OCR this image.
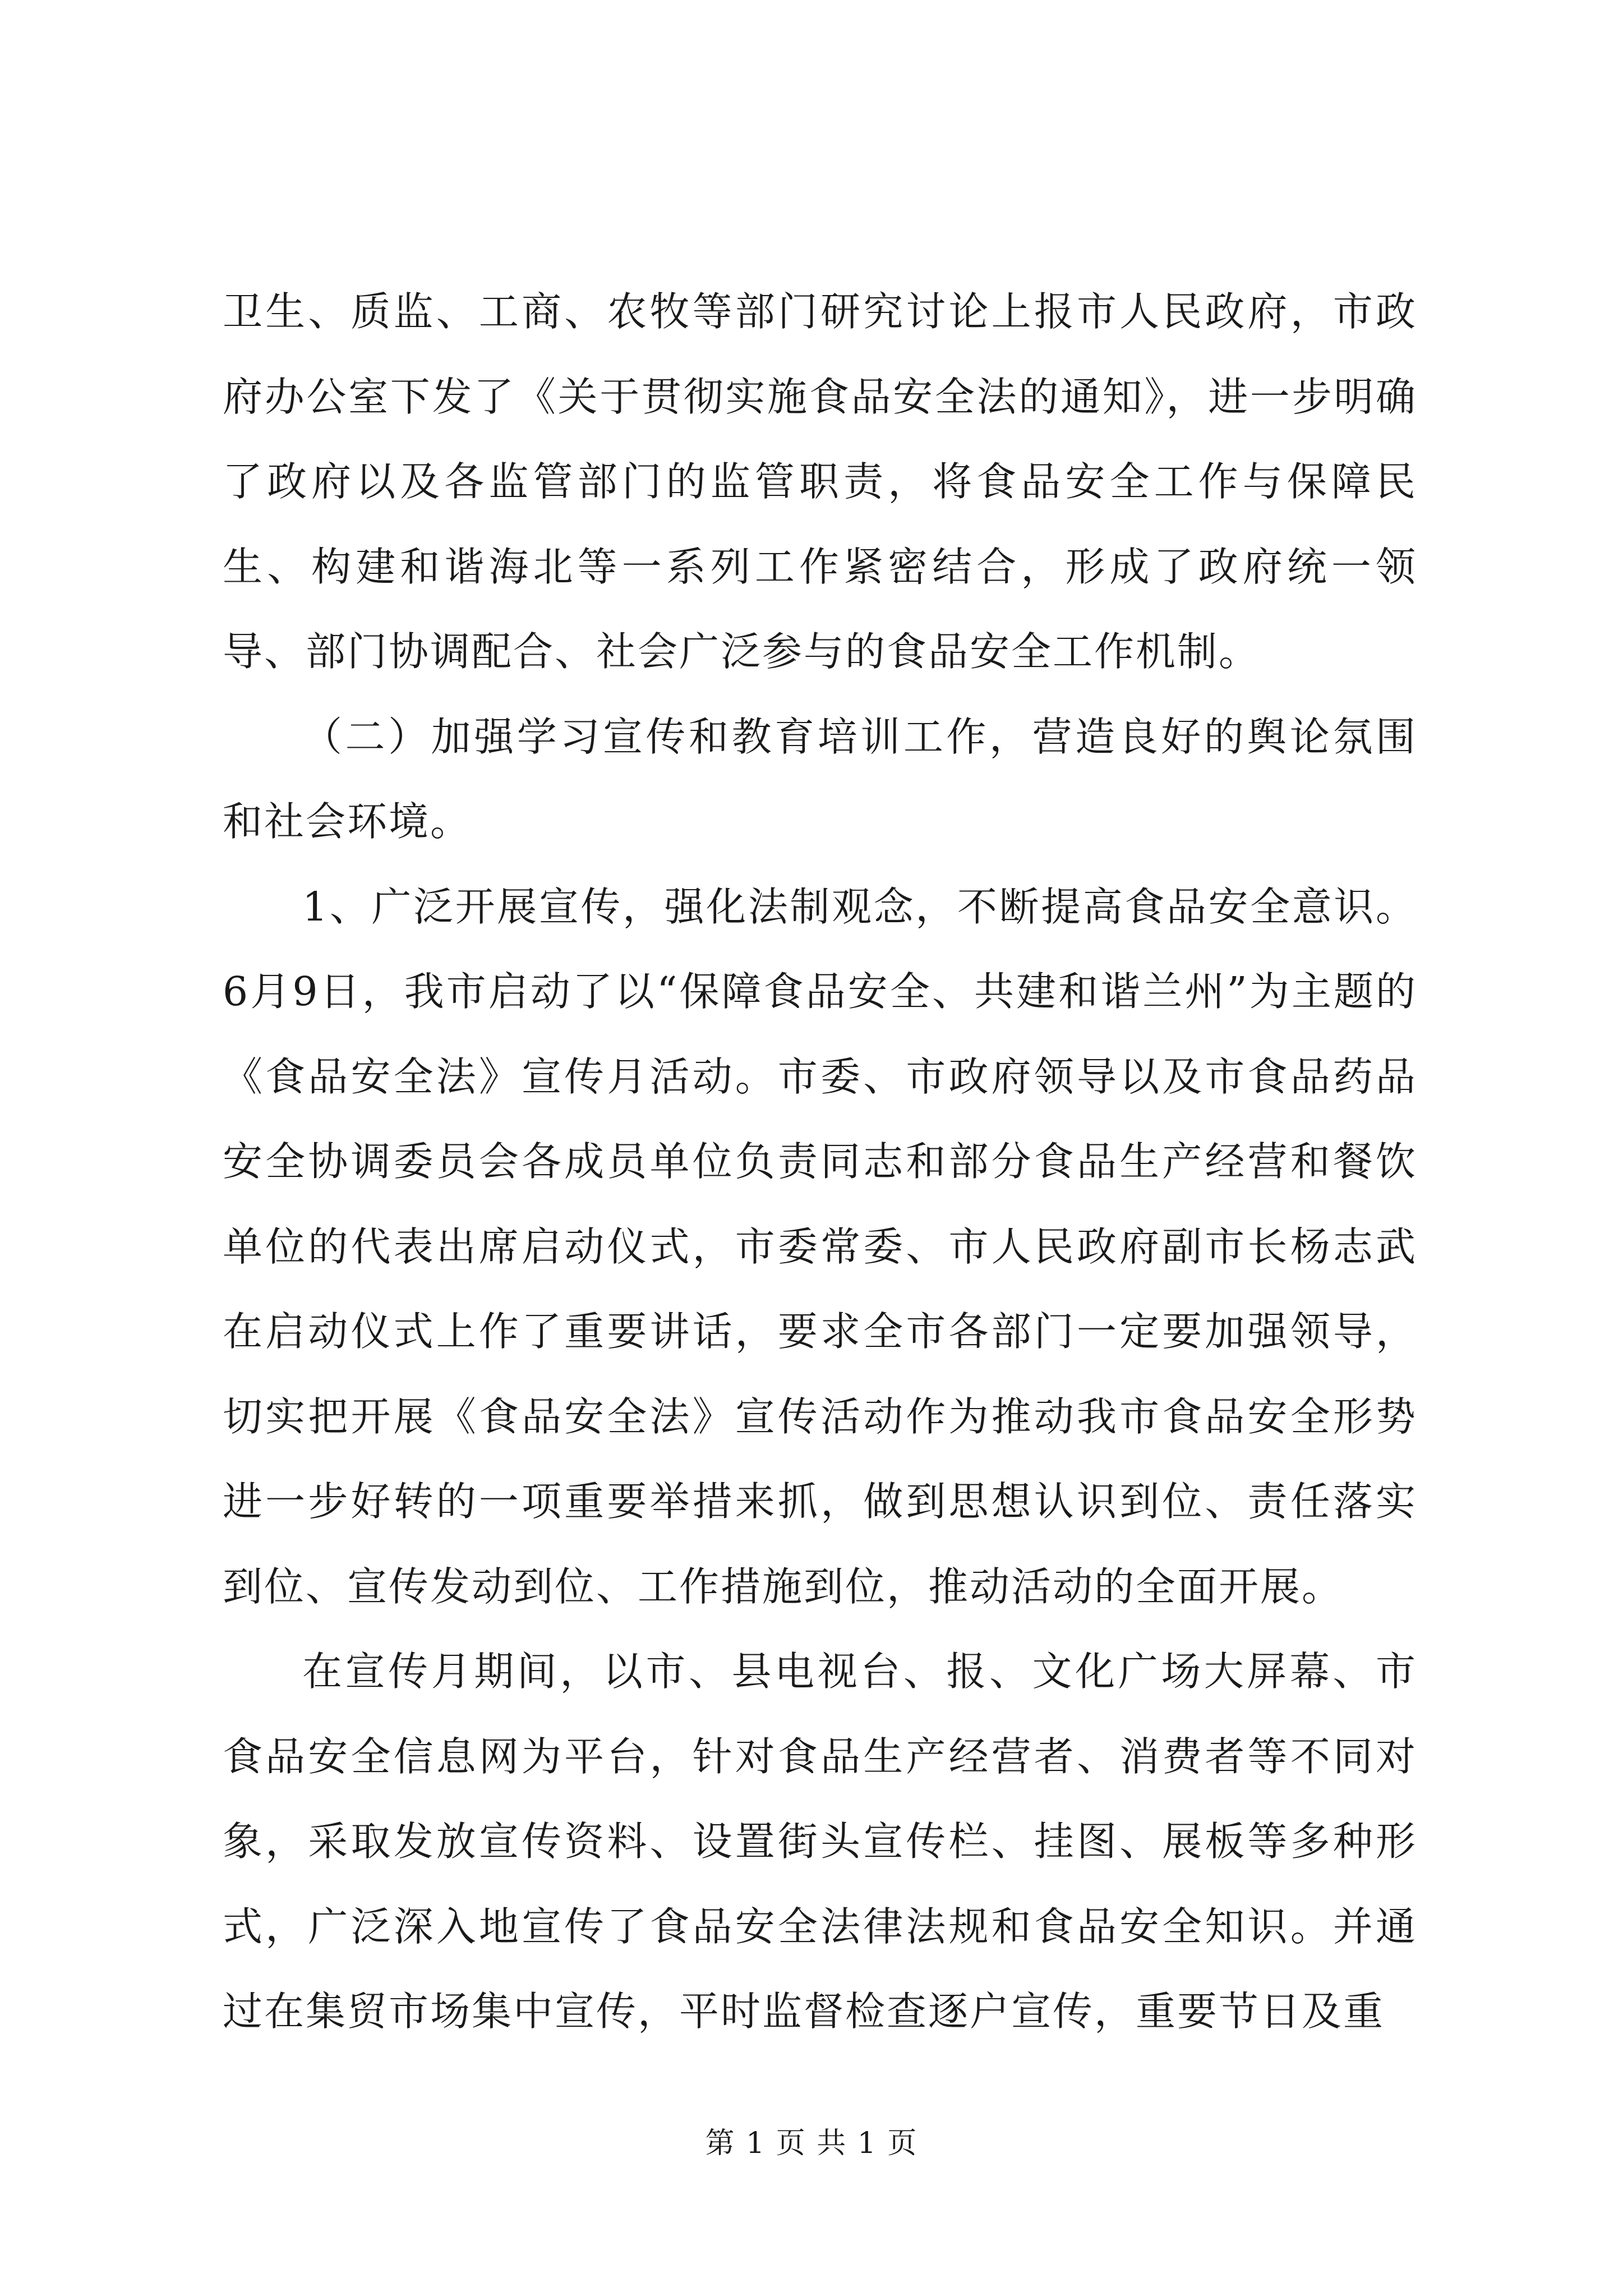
卫生、质监、工商、农牧等部门研究讨论上报市人民政府，市政府办公室下发了《关于贯彻实施食品安全法的通知》，进一步明确了政府以及各监管部门的监管职责，将食品安全工作与保障民生、构建和谐海北等一系列工作紧密结合，形成了政府统一领导、部门协调配合、社会广泛参与的食品安全工作机制。

（二）加强学习宣传和教育培训工作，营造良好的舆论氛围和社会环境。

1、广泛开展宣传，强化法制观念，不断提高食品安全意识。6月9日，我市启动了以“保障食品安全、共建和谐兰州”为主题的《食品安全法》宣传月活动。市委、市政府领导以及市食品药品安全协调委员会各成员单位负责同志和部分食品生产经营和餐饮单位的代表出席启动仪式，市委常委、市人民政府副市长杨志武在启动仪式上作了重要讲话，要求全市各部门一定要加强领导，切实把开展《食品安全法》宣传活动作为推动我市食品安全形势进一步好转的一项重要举措来抓，做到思想认识到位、责任落实到位、宣传发动到位、工作措施到位，推动活动的全面开展。

在宣传月期间，以市、县电视台、报、文化广场大屏幕、市食品安全信息网为平台，针对食品生产经营者、消费者等不同对象，采取发放宣传资料、设置街头宣传栏、挂图、展板等多种形式，广泛深入地宣传了食品安全法律法规和食品安全知识。并通过在集贸市场集中宣传，平时监督检查逐户宣传，重要节日及重

第 1 页 共 1 页
